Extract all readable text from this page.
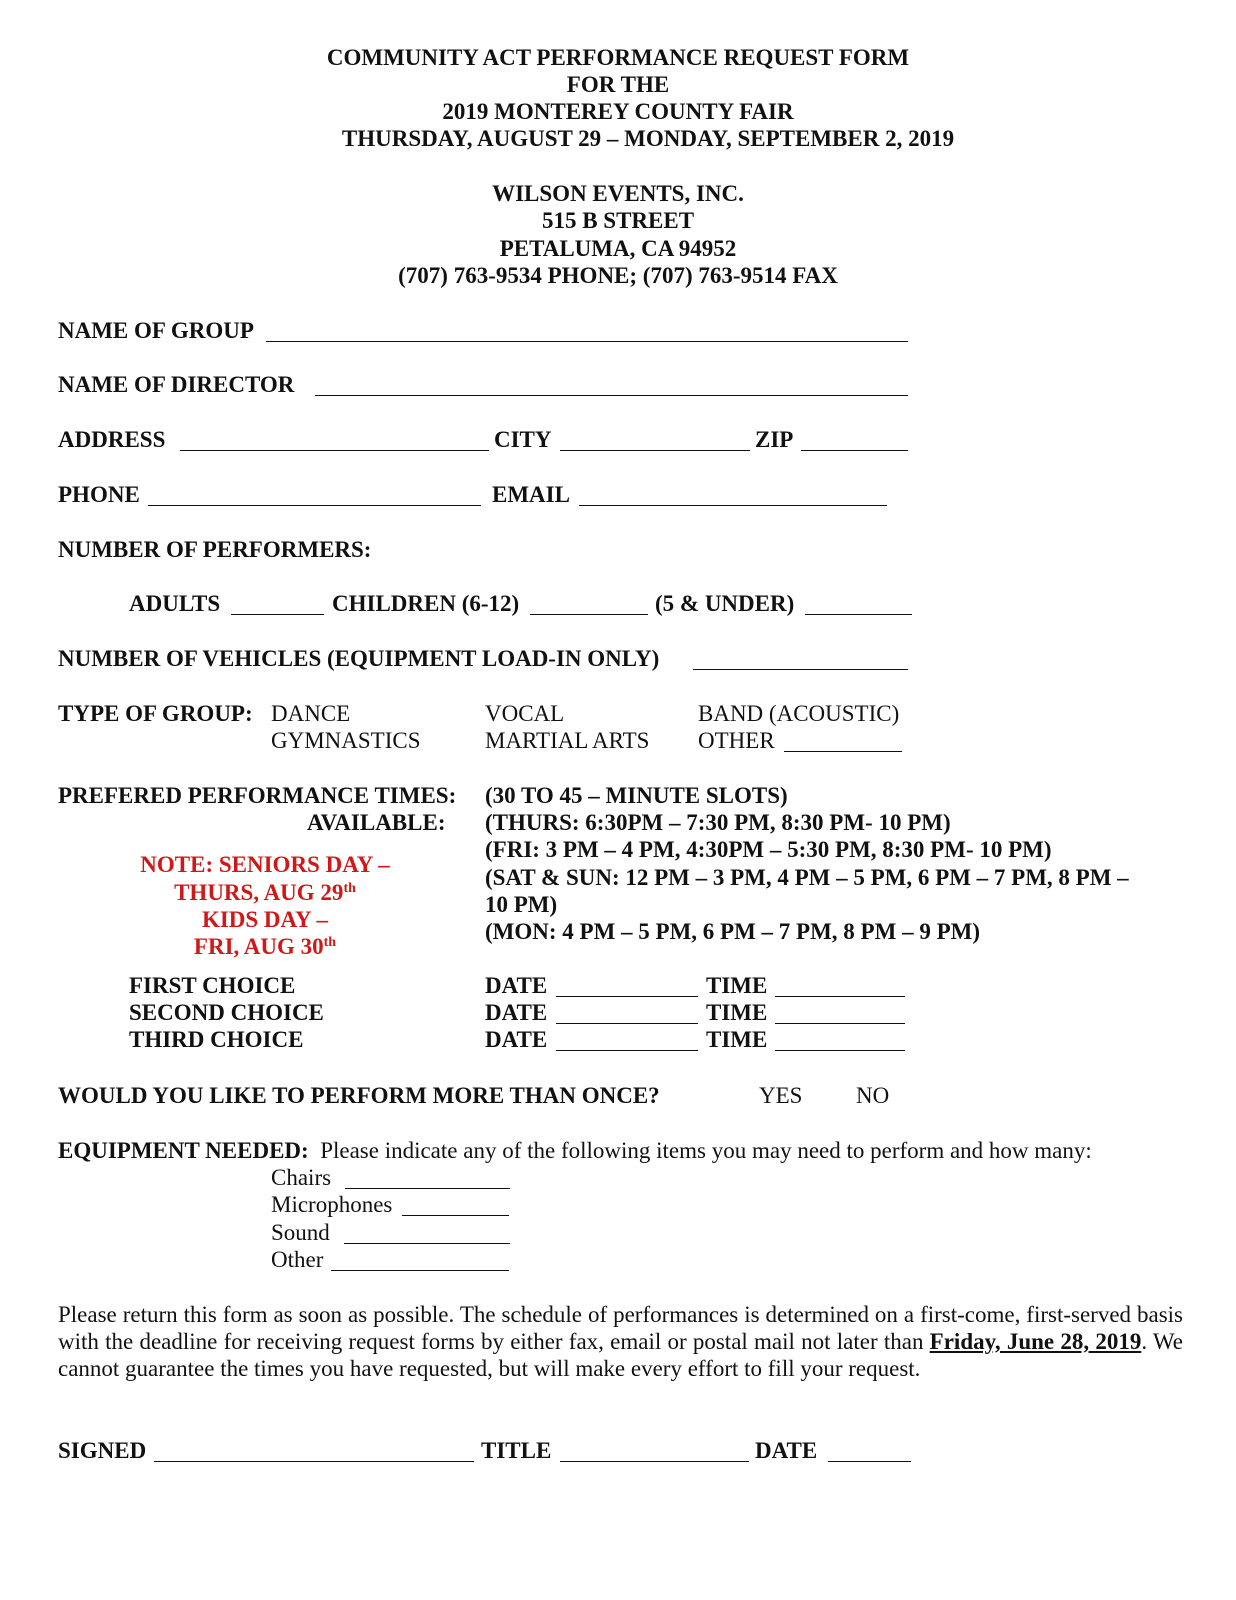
COMMUNITY ACT PERFORMANCE REQUEST FORM
FOR THE
2019 MONTEREY COUNTY FAIR
THURSDAY, AUGUST 29 – MONDAY, SEPTEMBER 2, 2019
WILSON EVENTS, INC.
515 B STREET
PETALUMA, CA 94952
(707) 763-9534 PHONE; (707) 763-9514 FAX
NAME OF GROUP
NAME OF DIRECTOR
ADDRESS	CITY	ZIP
PHONE	EMAIL
NUMBER OF PERFORMERS:
ADULTS	CHILDREN (6-12)	(5 & UNDER)
NUMBER OF VEHICLES (EQUIPMENT LOAD-IN ONLY)
TYPE OF GROUP: DANCE	VOCAL	BAND (ACOUSTIC)
GYMNASTICS	MARTIAL ARTS OTHER
PREFERED PERFORMANCE TIMES:
AVAILABLE:
(30 TO 45 – MINUTE SLOTS)
(THURS: 6:30PM – 7:30 PM, 8:30 PM- 10 PM)
(FRI: 3 PM – 4 PM, 4:30PM – 5:30 PM, 8:30 PM- 10 PM)
(SAT & SUN: 12 PM – 3 PM, 4 PM – 5 PM, 6 PM – 7 PM, 8 PM –
10 PM)
(MON: 4 PM – 5 PM, 6 PM – 7 PM, 8 PM – 9 PM)
NOTE: SENIORS DAY –
THURS, AUG 29th
KIDS DAY –
FRI, AUG 30th
FIRST CHOICE	DATE	TIME
SECOND CHOICE	DATE	TIME
THIRD CHOICE	DATE	TIME
WOULD YOU LIKE TO PERFORM MORE THAN ONCE?	YES NO
EQUIPMENT NEEDED: Please indicate any of the following items you may need to perform and how many:
Chairs
Microphones
Sound
Other
Please return this form as soon as possible. The schedule of performances is determined on a first-come, first-served basis with the deadline for receiving request forms by either fax, email or postal mail not later than Friday, June 28, 2019. We cannot guarantee the times you have requested, but will make every effort to fill your request.
SIGNED	TITLE	DATE
